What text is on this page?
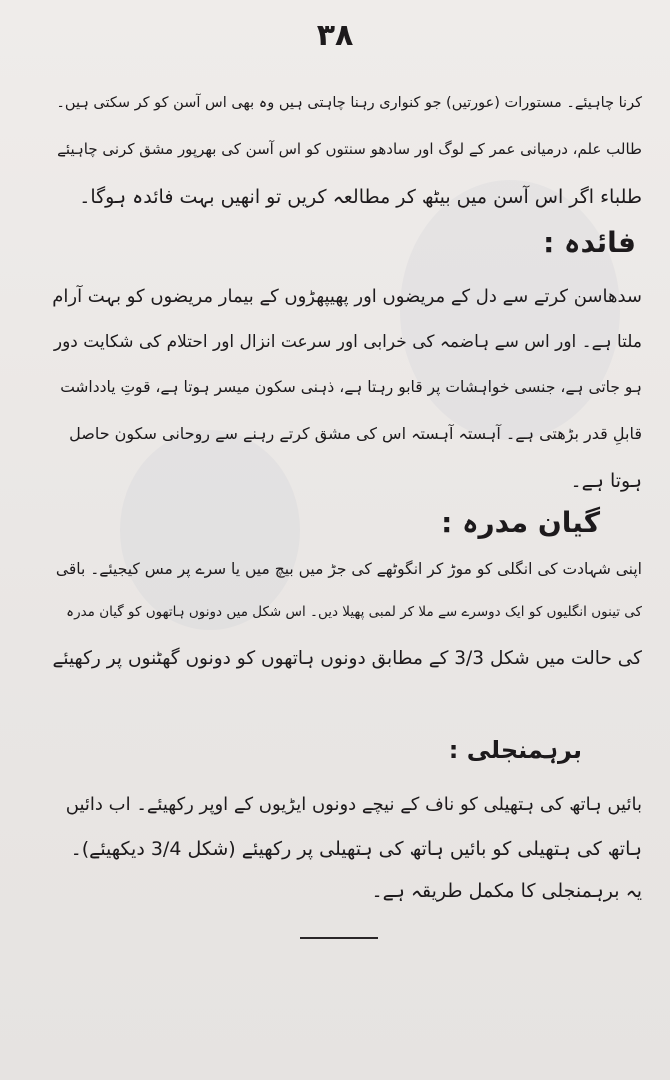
٣٨
کرنا چاہیئے۔ مستورات (عورتیں) جو کنواری رہنا چاہتی ہیں وہ بھی اس آسن کو کر سکتی ہیں۔
طالب علم، درمیانی عمر کے لوگ اور سادھو سنتوں کو اس آسن کی بھرپور مشق کرنی چاہیئے
طلباء اگر اس آسن میں بیٹھ کر مطالعہ کریں تو انھیں بہت فائدہ ہوگا۔
فائدہ :
سدھاسن کرتے سے دل کے مریضوں اور پھیپھڑوں کے بیمار مریضوں کو بہت آرام
ملتا ہے۔ اور اس سے ہاضمہ کی خرابی اور سرعت انزال اور احتلام کی شکایت دور
ہو جاتی ہے، جنسی خواہشات پر قابو رہتا ہے، ذہنی سکون میسر ہوتا ہے، قوتِ یادداشت
قابلِ قدر بڑھتی ہے۔ آہستہ آہستہ اس کی مشق کرتے رہنے سے روحانی سکون حاصل
ہوتا ہے۔
گیان مدرہ :
اپنی شہادت کی انگلی کو موڑ کر انگوٹھے کی جڑ میں بیچ میں یا سرے پر مس کیجیئے۔ باقی
کی تینوں انگلیوں کو ایک دوسرے سے ملا کر لمبی پھیلا دیں۔ اس شکل میں دونوں ہاتھوں کو گیان مدرہ
کی حالت میں شکل 3/3 کے مطابق دونوں ہاتھوں کو دونوں گھٹنوں پر رکھیئے
برہمنجلی :
بائیں ہاتھ کی ہتھیلی کو ناف کے نیچے دونوں ایڑیوں کے اوپر رکھیئے۔ اب دائیں
ہاتھ کی ہتھیلی کو بائیں ہاتھ کی ہتھیلی پر رکھیئے (شکل 3/4 دیکھیئے)۔
یہ برہمنجلی کا مکمل طریقہ ہے۔
